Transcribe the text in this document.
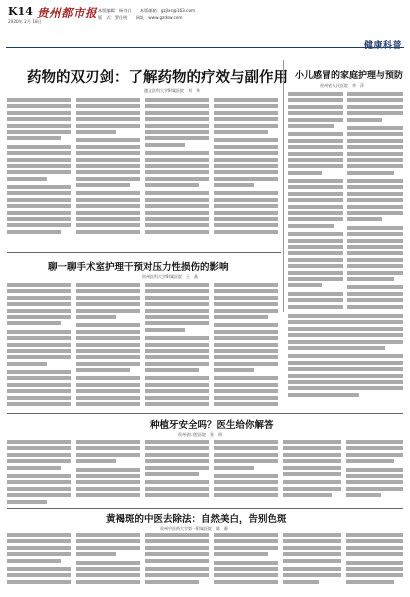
K14
2020年 2月 18日
贵州都市报 本版编辑：杨书兵　　本版邮箱：gzjlxs@163.com
版　式：罗仕明　　网址：www.gzdsw.com
健康科普
药物的双刃剑：了解药物的疗效与副作用
遵义医科大学附属医院　刘　华
小儿感冒的家庭护理与预防
贵州省人民医院　李　萍
聊一聊手术室护理干预对压力性损伤的影响
贵州医科大学附属医院　王　燕
种植牙安全吗？医生给你解答
贵州省口腔医院　张　明
黄褐斑的中医去除法：自然美白，告别色斑
贵州中医药大学第一附属医院　陈　静
